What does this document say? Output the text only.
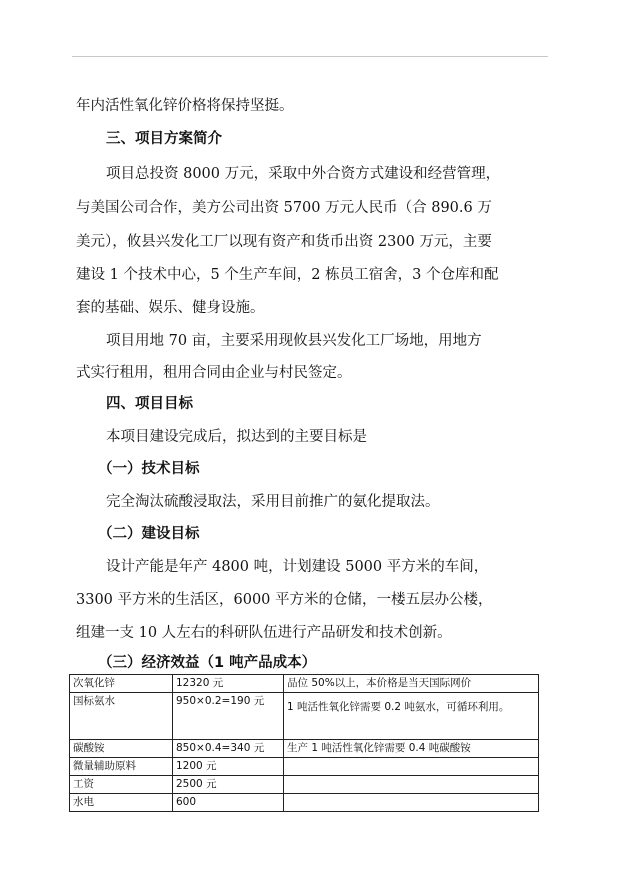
年内活性氧化锌价格将保持坚挺。
三、项目方案简介
项目总投资 8000 万元，采取中外合资方式建设和经营管理，
与美国公司合作，美方公司出资 5700 万元人民币（合 890.6 万
美元），攸县兴发化工厂以现有资产和货币出资 2300 万元，主要
建设 1 个技术中心，5 个生产车间，2 栋员工宿舍，3 个仓库和配
套的基础、娱乐、健身设施。
项目用地 70 亩，主要采用现攸县兴发化工厂场地，用地方
式实行租用，租用合同由企业与村民签定。
四、项目目标
本项目建设完成后，拟达到的主要目标是
（一）技术目标
完全淘汰硫酸浸取法，采用目前推广的氨化提取法。
（二）建设目标
设计产能是年产 4800 吨，计划建设 5000 平方米的车间，
3300 平方米的生活区，6000 平方米的仓储，一楼五层办公楼，
组建一支 10 人左右的科研队伍进行产品研发和技术创新。
（三）经济效益（1 吨产品成本）
次氧化锌	12320 元	品位 50%以上，本价格是当天国际网价
国标氨水	950×0.2=190 元	1 吨活性氧化锌需要 0.2 吨氨水，可循环利用。
碳酸铵	850×0.4=340 元	生产 1 吨活性氧化锌需要 0.4 吨碳酸铵
微量辅助原料	1200 元	
工资	2500 元	
水电	600	
